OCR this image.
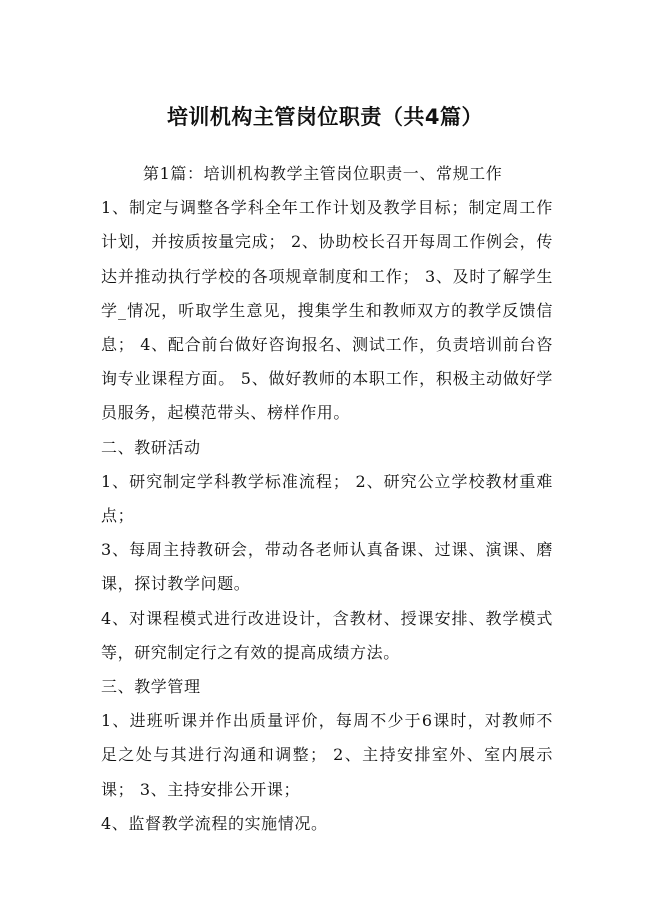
培训机构主管岗位职责（共4篇）

第1篇：培训机构教学主管岗位职责一、常规工作

1、制定与调整各学科全年工作计划及教学目标；制定周工作计划，并按质按量完成； 2、协助校长召开每周工作例会，传达并推动执行学校的各项规章制度和工作； 3、及时了解学生学_情况，听取学生意见，搜集学生和教师双方的教学反馈信息； 4、配合前台做好咨询报名、测试工作，负责培训前台咨询专业课程方面。 5、做好教师的本职工作，积极主动做好学员服务，起模范带头、榜样作用。

二、教研活动

1、研究制定学科教学标准流程； 2、研究公立学校教材重难点；

3、每周主持教研会，带动各老师认真备课、过课、演课、磨课，探讨教学问题。

4、对课程模式进行改进设计，含教材、授课安排、教学模式等，研究制定行之有效的提高成绩方法。

三、教学管理

1、进班听课并作出质量评价，每周不少于6课时，对教师不足之处与其进行沟通和调整； 2、主持安排室外、室内展示课； 3、主持安排公开课；

4、监督教学流程的实施情况。
